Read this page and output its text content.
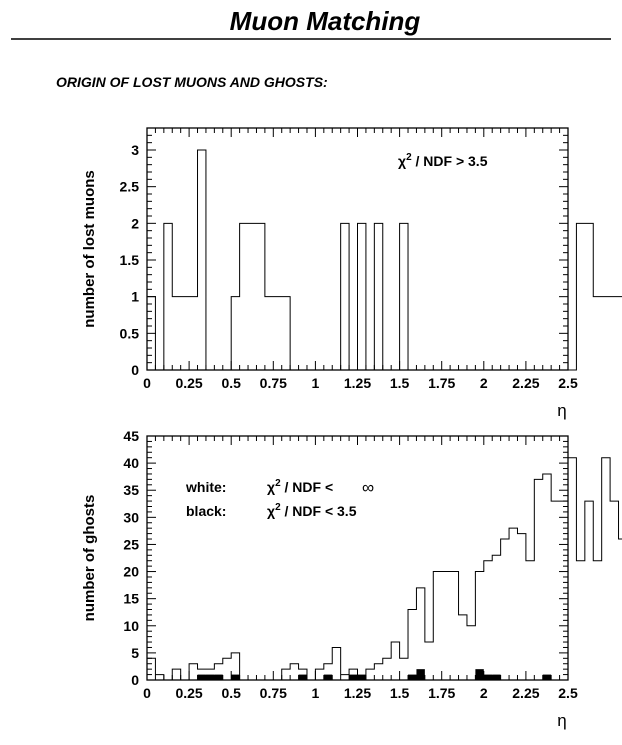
Muon Matching
ORIGIN OF LOST MUONS AND GHOSTS:
0 0.25 0.5 0.75 1 1.25 1.5 1.75 2 2.25 2.5
0
0.5
1
1.5
2
2.5
3
η
number of lost muons
$\chi^2$ / NDF > 3.5
0 0.25 0.5 0.75 1 1.25 1.5 1.75 2 2.25 2.5
0
5
10
15
20
25
30
35
40
45
η
number of ghosts
white:	$\chi^2$ / NDF < ∞
black:	$\chi^2$ / NDF < 3.5
